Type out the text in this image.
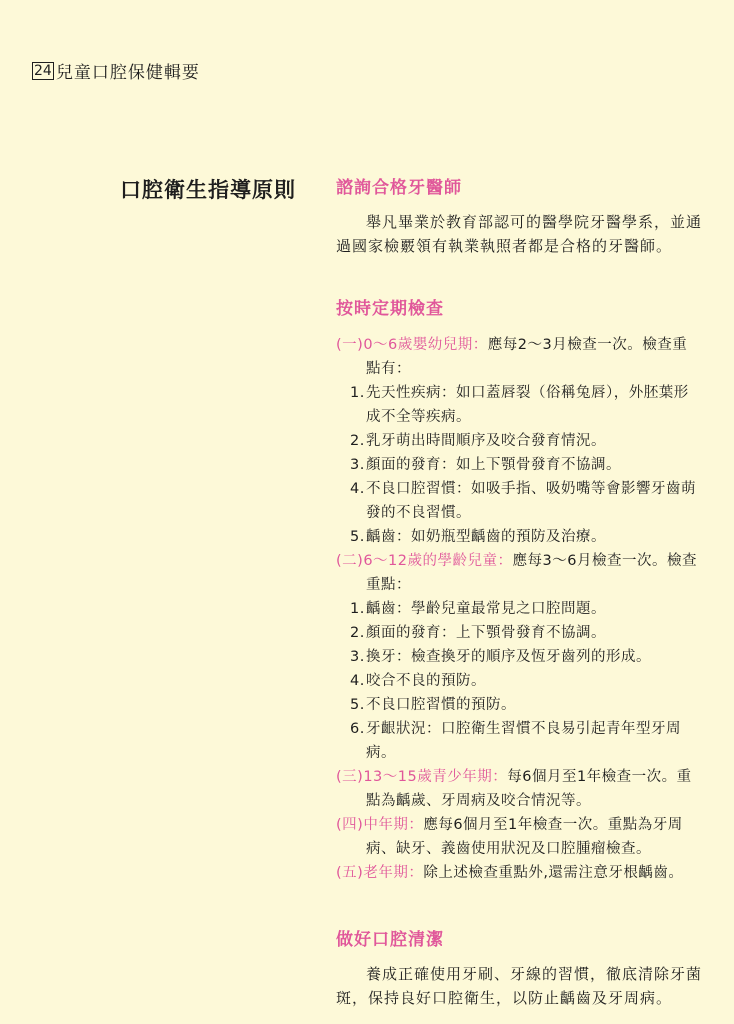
24 兒童口腔保健輯要
口腔衛生指導原則 諮詢合格牙醫師

舉凡畢業於教育部認可的醫學院牙醫學系，並通過國家檢覈領有執業執照者都是合格的牙醫師。

按時定期檢查
(一)0～6歲嬰幼兒期：應每2～3月檢查一次。檢查重點有：
1. 先天性疾病：如口蓋唇裂（俗稱兔唇），外胚葉形成不全等疾病。
2. 乳牙萌出時間順序及咬合發育情況。
3. 顏面的發育：如上下顎骨發育不協調。
4. 不良口腔習慣：如吸手指、吸奶嘴等會影響牙齒萌發的不良習慣。
5. 齲齒：如奶瓶型齲齒的預防及治療。
(二)6～12歲的學齡兒童：應每3～6月檢查一次。檢查重點：
1. 齲齒：學齡兒童最常見之口腔問題。
2. 顏面的發育：上下顎骨發育不協調。
3. 換牙：檢查換牙的順序及恆牙齒列的形成。
4. 咬合不良的預防。
5. 不良口腔習慣的預防。
6. 牙齦狀況：口腔衛生習慣不良易引起青年型牙周病。
(三)13～15歲青少年期：每6個月至1年檢查一次。重點為齲歲、牙周病及咬合情況等。
(四)中年期：應每6個月至1年檢查一次。重點為牙周病、缺牙、義齒使用狀況及口腔腫瘤檢查。
(五)老年期：除上述檢查重點外,還需注意牙根齲齒。
做好口腔清潔

養成正確使用牙刷、牙線的習慣，徹底清除牙菌斑，保持良好口腔衛生，以防止齲齒及牙周病。
